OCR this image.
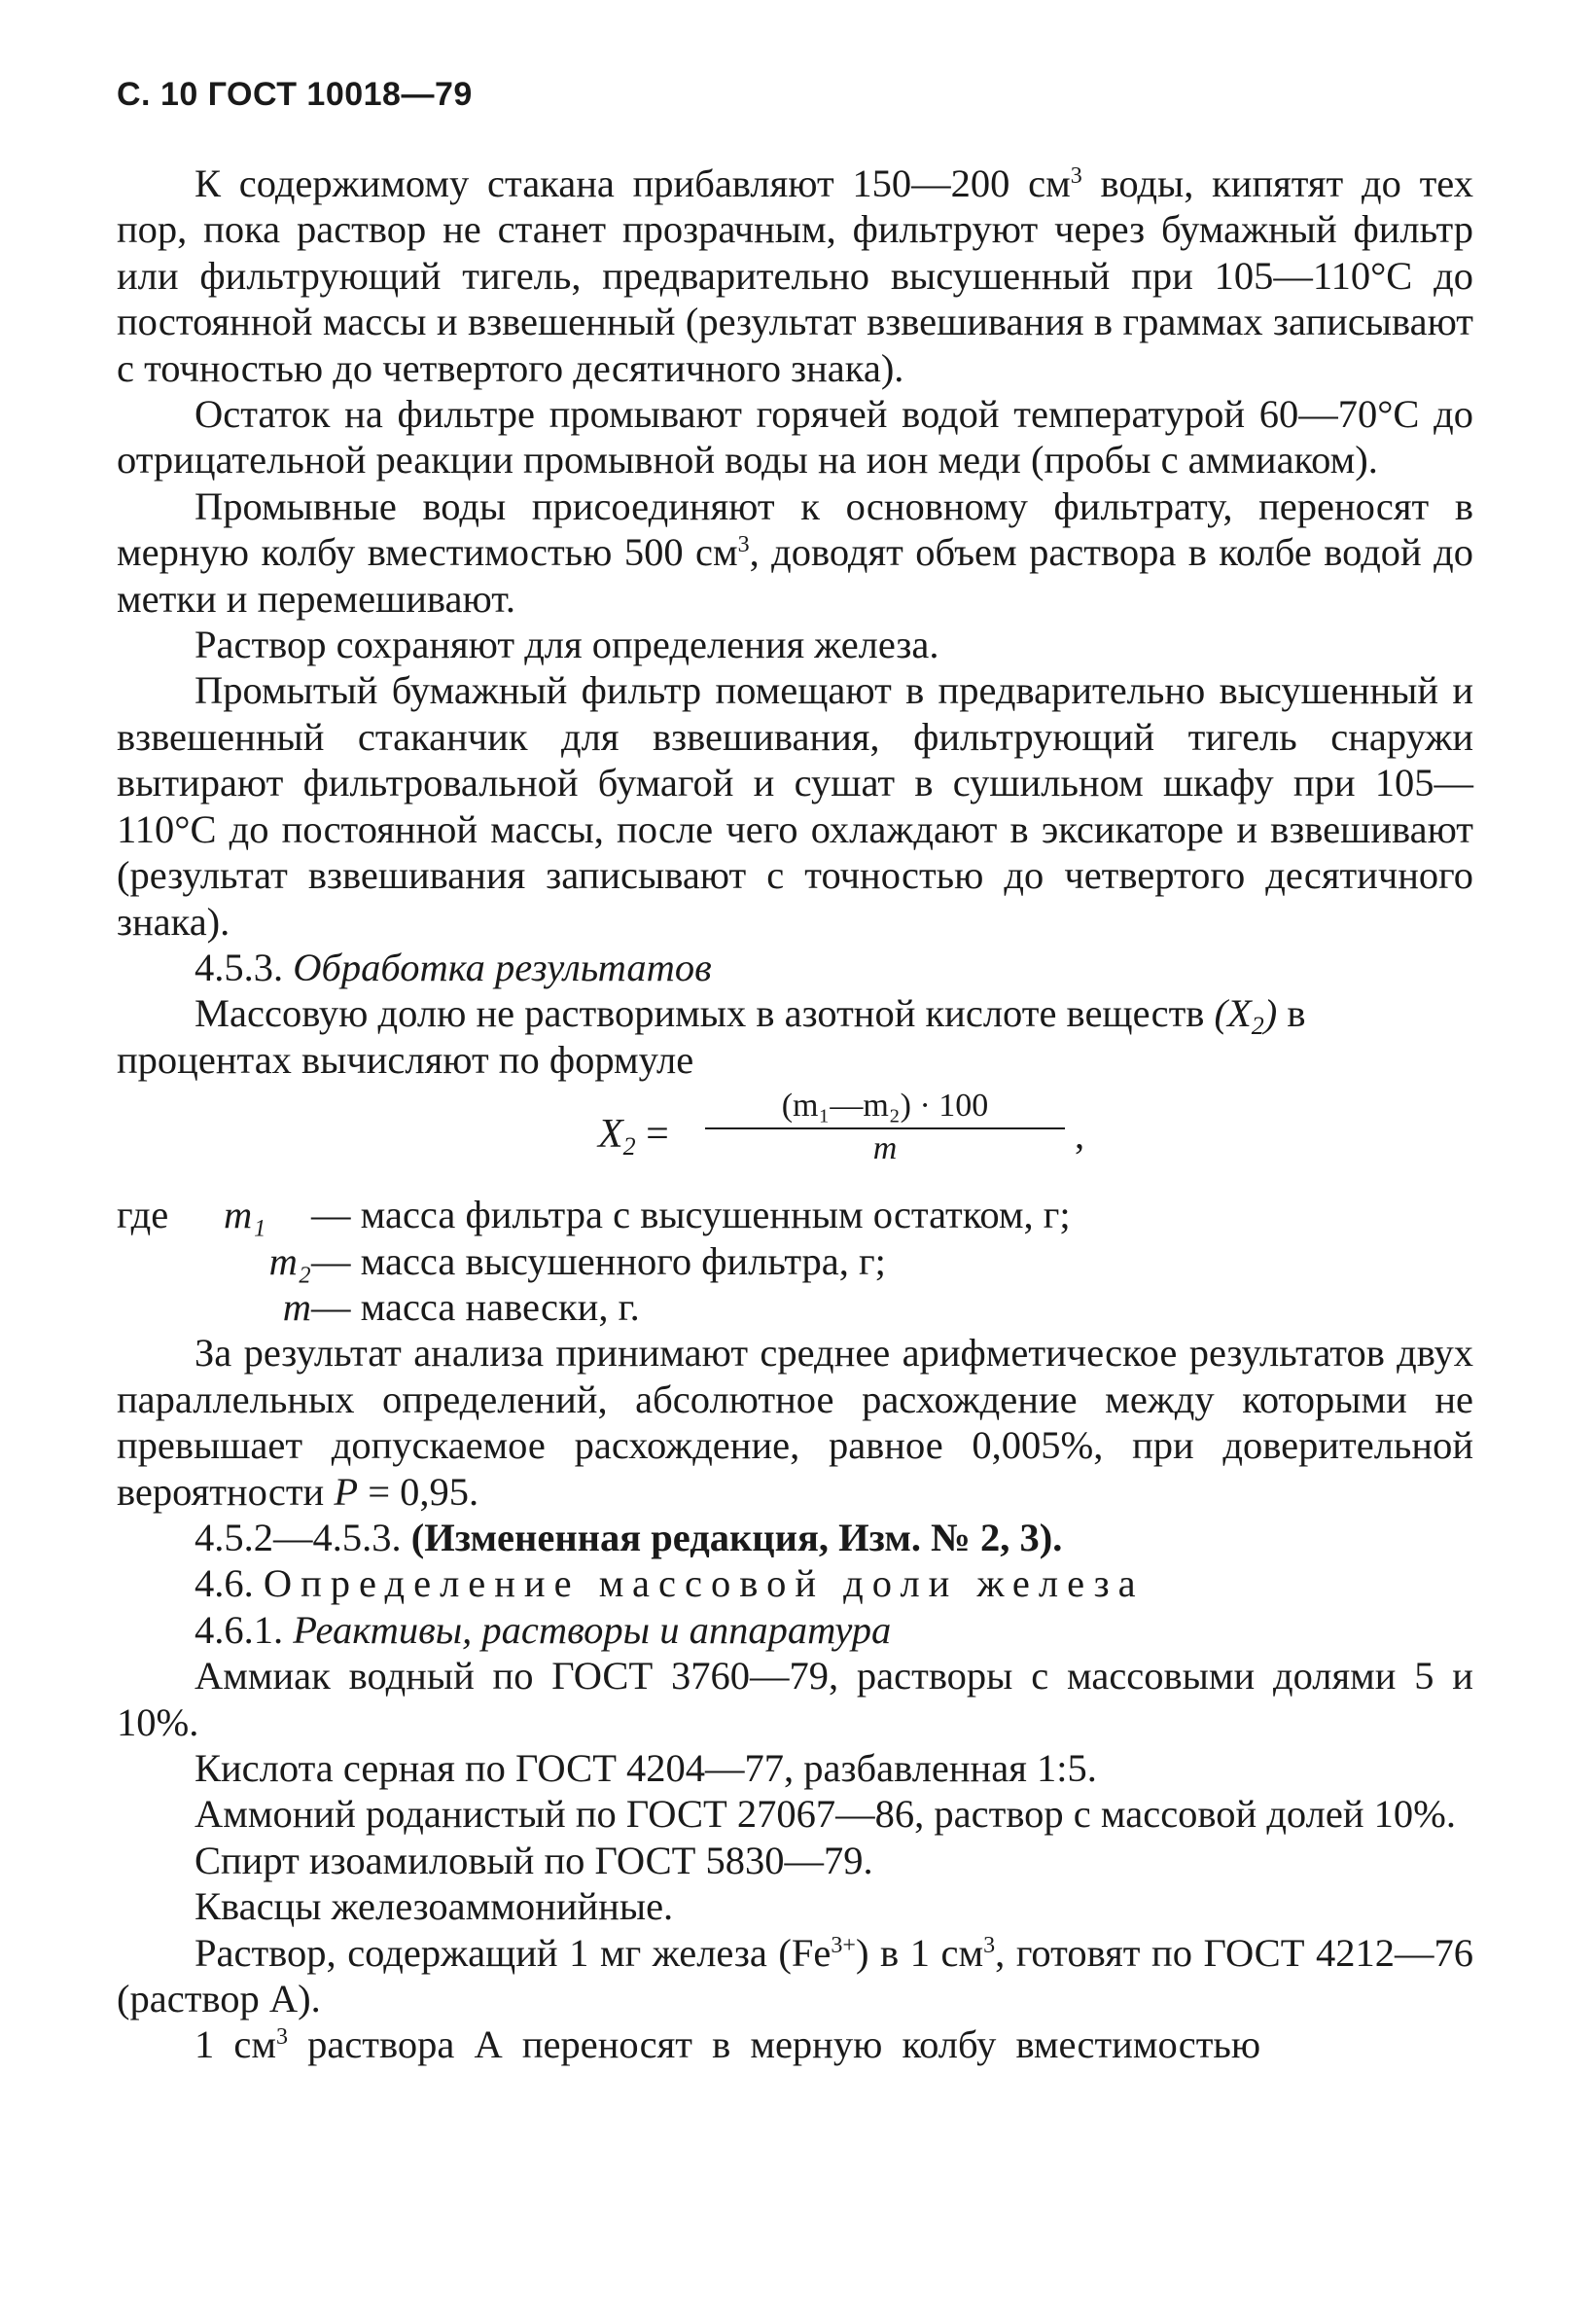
С. 10 ГОСТ 10018—79

К содержимому стакана прибавляют 150—200 $см^3$ воды, кипятят до тех пор, пока раствор не станет прозрачным, фильтруют через бумажный фильтр или фильтрующий тигель, предварительно высушенный при 105—110°С до постоянной массы и взвешенный (результат взвешивания в граммах записывают с точностью до четвертого десятичного знака).

Остаток на фильтре промывают горячей водой температурой 60—70°С до отрицательной реакции промывной воды на ион меди (пробы с аммиаком).

Промывные воды присоединяют к основному фильтрату, переносят в мерную колбу вместимостью 500 $см^3$, доводят объем раствора в колбе водой до метки и перемешивают.

Раствор сохраняют для определения железа.

Промытый бумажный фильтр помещают в предварительно высушенный и взвешенный стаканчик для взвешивания, фильтрующий тигель снаружи вытирают фильтровальной бумагой и сушат в сушильном шкафу при 105—110°С до постоянной массы, после чего охлаждают в эксикаторе и взвешивают (результат взвешивания записывают с точностью до четвертого десятичного знака).

4.5.3. Обработка результатов

Массовую долю не растворимых в азотной кислоте веществ $(X_2)$ в процентах вычисляют по формуле

$X_2 = \frac{\text{(m₁—m₂) · 100}}{m}$ ,
где	m₁	— масса фильтра с высушенным остатком, г;
m₂ — масса высушенного фильтра, г;
m — масса навески, г.

За результат анализа принимают среднее арифметическое результатов двух параллельных определений, абсолютное расхождение между которыми не превышает допускаемое расхождение, равное 0,005%, при доверительной вероятности Р = 0,95.

4.5.2—4.5.3. (Измененная редакция, Изм. № 2, 3).

4.6. Определение массовой доли железа

4.6.1. Реактивы, растворы и аппаратура

Аммиак водный по ГОСТ 3760—79, растворы с массовыми долями 5 и 10%.

Кислота серная по ГОСТ 4204—77, разбавленная 1:5.

Аммоний роданистый по ГОСТ 27067—86, раствор с массовой долей 10%.

Спирт изоамиловый по ГОСТ 5830—79.

Квасцы железоаммонийные.

Раствор, содержащий 1 мг железа $(Fe^{3+})$ в 1 $см^3$, готовят по ГОСТ 4212—76 (раствор А).

1 $см^3$ раствора А переносят в мерную колбу вместимостью
